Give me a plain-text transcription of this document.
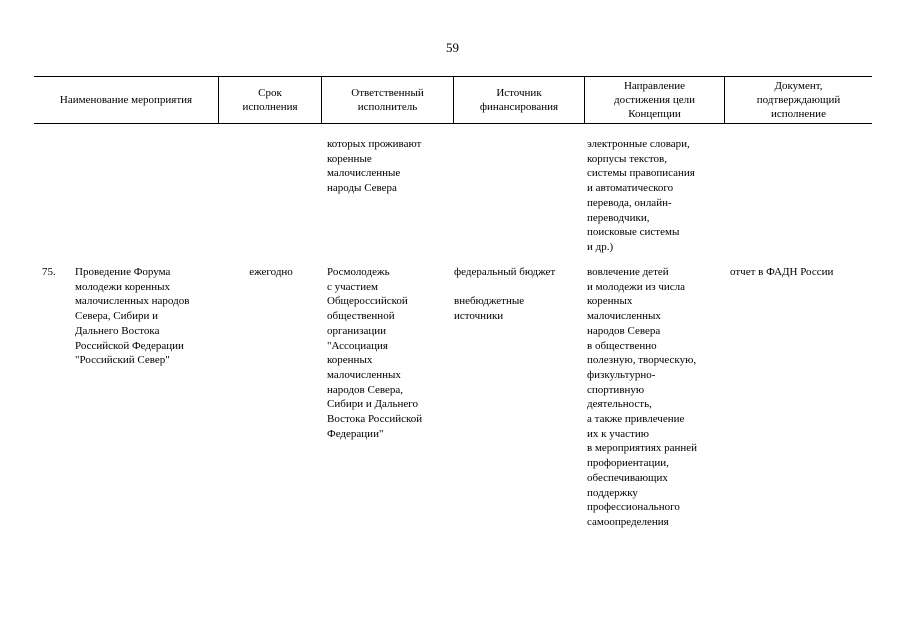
59
Наименование мероприятия
Срок
исполнения
Ответственный
исполнитель
Источник
финансирования
Направление
достижения цели
Концепции
Документ,
подтверждающий
исполнение
которых проживают
коренные
малочисленные
народы Севера
электронные словари,
корпусы текстов,
системы правописания
и автоматического
перевода, онлайн-
переводчики,
поисковые системы
и др.)
75.	Проведение Форума
молодежи коренных
малочисленных народов
Севера, Сибири и
Дальнего Востока
Российской Федерации
"Российский Север"
ежегодно	Росмолодежь
с участием
Общероссийской
общественной
организации
"Ассоциация
коренных
малочисленных
народов Севера,
Сибири и Дальнего
Востока Российской
Федерации"
федеральный бюджет

внебюджетные
источники
вовлечение детей
и молодежи из числа
коренных
малочисленных
народов Севера
в общественно
полезную, творческую,
физкультурно-
спортивную
деятельность,
а также привлечение
их к участию
в мероприятиях ранней
профориентации,
обеспечивающих
поддержку
профессионального
самоопределения
отчет в ФАДН России
